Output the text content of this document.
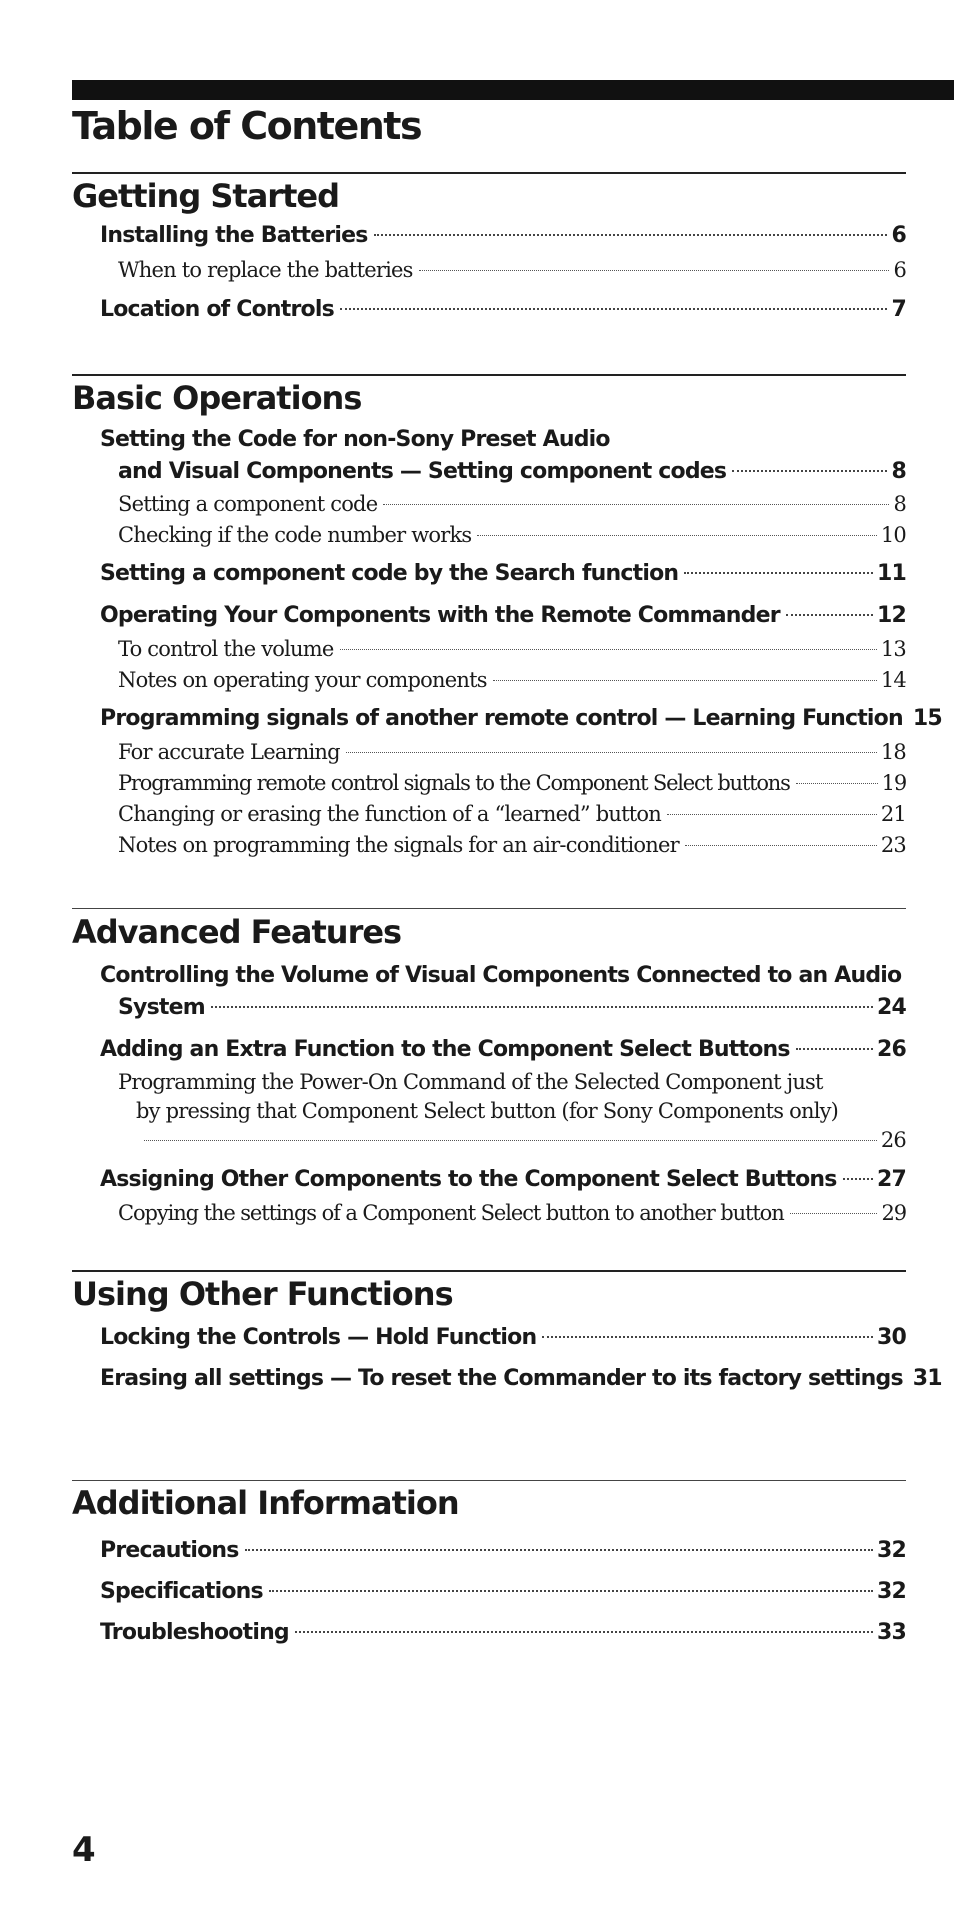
Table of Contents
Getting Started
Installing the Batteries	6
When to replace the batteries	6
Location of Controls	7
Basic Operations
Setting the Code for non-Sony Preset Audio
and Visual Components — Setting component codes	8
Setting a component code	8
Checking if the code number works	10
Setting a component code by the Search function	11
Operating Your Components with the Remote Commander	12
To control the volume	13
Notes on operating your components	14
Programming signals of another remote control — Learning Function 15
For accurate Learning	18
Programming remote control signals to the Component Select buttons	19
Changing or erasing the function of a “learned” button	21
Notes on programming the signals for an air-conditioner	23
Advanced Features
Controlling the Volume of Visual Components Connected to an Audio
System	24
Adding an Extra Function to the Component Select Buttons	26
Programming the Power-On Command of the Selected Component just
by pressing that Component Select button (for Sony Components only)
26
Assigning Other Components to the Component Select Buttons 27
Copying the settings of a Component Select button to another button	29
Using Other Functions
Locking the Controls — Hold Function	30
Erasing all settings — To reset the Commander to its factory settings 31
Additional Information
Precautions	32
Specifications	32
Troubleshooting	33

4
